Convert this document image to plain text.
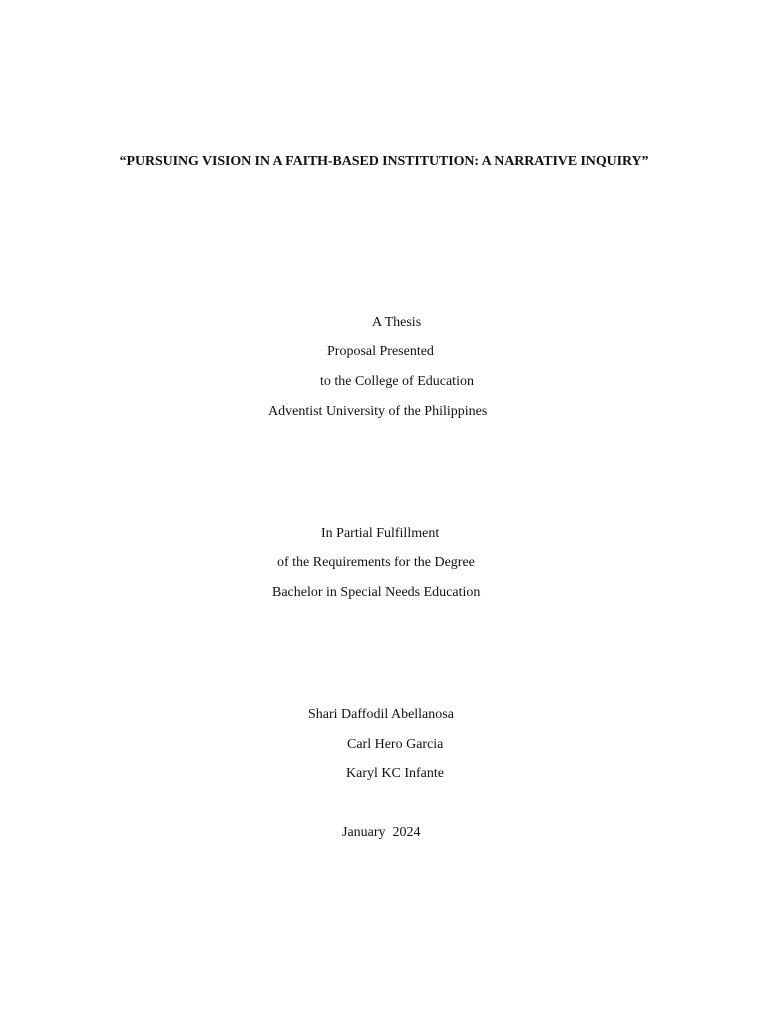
“PURSUING VISION IN A FAITH-BASED INSTITUTION: A NARRATIVE INQUIRY”
A Thesis
Proposal Presented
to the College of Education
Adventist University of the Philippines
In Partial Fulfillment
of the Requirements for the Degree
Bachelor in Special Needs Education
Shari Daffodil Abellanosa
Carl Hero Garcia
Karyl KC Infante
January  2024
